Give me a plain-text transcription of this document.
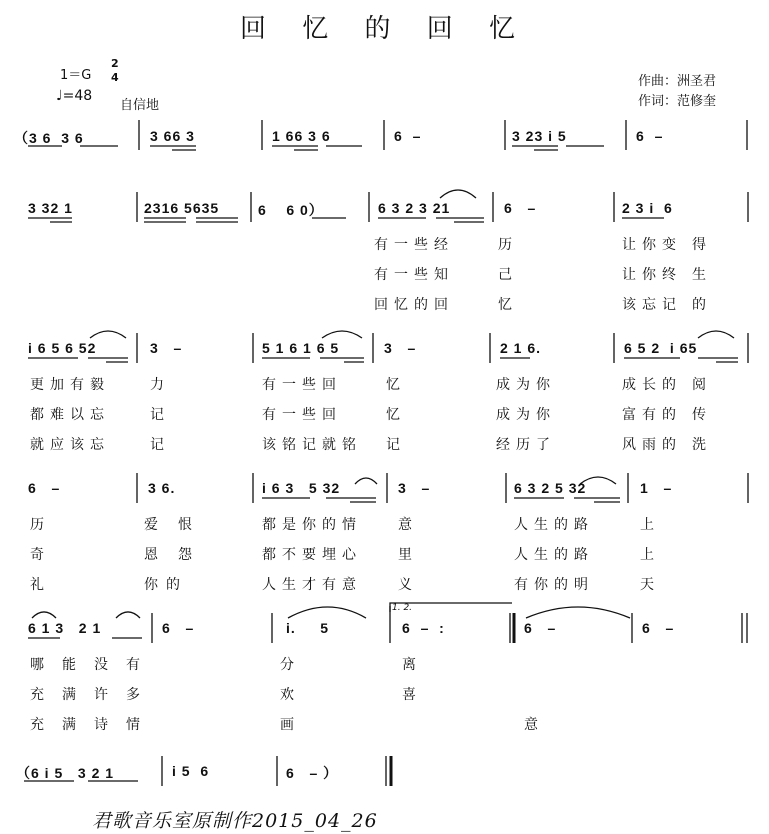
回 忆 的 回 忆
1＝G
2
4
♩=48
自信地
作曲：洲圣君
作词：范修奎
（3 6  3 6	3 66 3	1 66 3 6	6  –	3 23 i 5	6  –
3 32 1	2316 5635	6    6 0）	6 3 2 3 21	6   –	2 3 i  6
i 6 5 6 52	3   –	5 1 6 1 6 5	3   –	2 1 6.	6 5 2  i 65
6   –	3 6.	i 6 3   5 32	3   –	6 3 2 5 32	1   –
6 1 3   2 1	6   –	i.     5	6  –  :	6   –	6   –
1. 2.
（6 i 5   3 2 1	i 5  6	6   – ）
有一些经	历	让你变 得
有一些知	己	让你终 生
回忆的回	忆	该忘记 的
更加有毅	力	有一些回	忆	成为你	成长的 阅
都难以忘	记	有一些回	忆	成为你	富有的 传
就应该忘	记	该铭记就铭 记	经历了	风雨的 洗
历	爱恨	都是你的情	意	人生的路	上
奇	恩怨	都不要埋心	里	人生的路	上
礼	你的	人生才有意	义	有你的明	天
哪能没有	分	离
充满许多	欢	喜
充满诗情	画	意
君歌音乐室原制作2015_04_26
